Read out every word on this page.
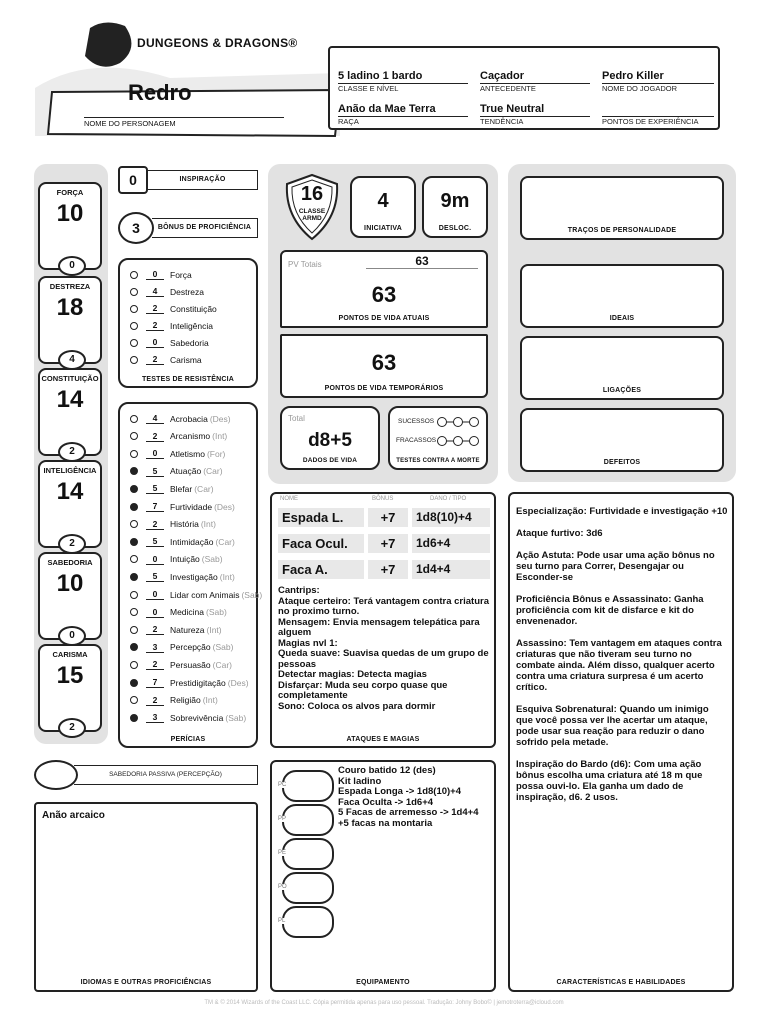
DUNGEONS & DRAGONS®
Redro
NOME DO PERSONAGEM
5 ladino 1 bardo
CLASSE E NÍVEL
Caçador
ANTECEDENTE
Pedro Killer
NOME DO JOGADOR
Anão da Mae Terra
RAÇA
True Neutral
TENDÊNCIA	PONTOS DE EXPERIÊNCIA
FORÇA
10
0
DESTREZA
18
4
CONSTITUIÇÃO
14
2
INTELIGÊNCIA
14
2
SABEDORIA
10
0
CARISMA
15
2
0	INSPIRAÇÃO
3	BÔNUS DE PROFICIÊNCIA
0	Força
4	Destreza
2	Constituição
2	Inteligência
0	Sabedoria
2	Carisma
TESTES DE RESISTÊNCIA
4	Acrobacia (Des)
2	Arcanismo (Int)
0	Atletismo (For)
5	Atuação (Car)
5	Blefar (Car)
7	Furtividade (Des)
2	História (Int)
5	Intimidação (Car)
0	Intuição (Sab)
5	Investigação (Int)
0	Lidar com Animais (Sab)
0	Medicina (Sab)
2	Natureza (Int)
3	Percepção (Sab)
2	Persuasão (Car)
7	Prestidigitação (Des)
2	Religião (Int)
3	Sobrevivência (Sab)
PERÍCIAS
SABEDORIA PASSIVA (PERCEPÇÃO)
Anão arcaico
IDIOMAS E OUTRAS PROFICIÊNCIAS
16
CLASSE ARMD
4
INICIATIVA
9m
DESLOC.
PV Totais	63
63
PONTOS DE VIDA ATUAIS
63
PONTOS DE VIDA TEMPORÁRIOS
Total
d8+5
DADOS DE VIDA
SUCESSOS
FRACASSOS
TESTES CONTRA A MORTE
NOME	BÔNUS	DANO / TIPO
Espada L.	+7	1d8(10)+4
Faca Ocul.	+7	1d6+4
Faca A.	+7	1d4+4
Cantrips:
Ataque certeiro: Terá vantagem contra criatura no proximo turno.
Mensagem: Envia mensagem telepática para alguem
Magias nvl 1:
Queda suave: Suavisa quedas de um grupo de pessoas
Detectar magias: Detecta magias
Disfarçar: Muda seu corpo quase que completamente
Sono: Coloca os alvos para dormir
ATAQUES E MAGIAS
Couro batido 12 (des)
Kit ladino
Espada Longa -> 1d8(10)+4
Faca Oculta -> 1d6+4
5 Facas de arremesso -> 1d4+4
+5 facas na montaria
EQUIPAMENTO
PC
PP
PE
PO
PL
TRAÇOS DE PERSONALIDADE
IDEAIS
LIGAÇÕES
DEFEITOS
Especialização: Furtividade e investigação +10

Ataque furtivo: 3d6

Ação Astuta: Pode usar uma ação bônus no seu turno para Correr, Desengajar ou Esconder-se

Proficiência Bônus e Assassinato: Ganha proficiência com kit de disfarce e kit do envenenador.

Assassino: Tem vantagem em ataques contra
criaturas que não tiveram seu turno no combate ainda. Além disso, qualquer acerto contra uma criatura surpresa é um acerto crítico.

Esquiva Sobrenatural: Quando um inimigo que você possa ver lhe acertar um ataque, pode usar sua reação para reduzir o dano sofrido pela metade.

Inspiração do Bardo (d6): Com uma ação bônus escolha uma criatura até 18 m que possa ouvi-lo. Ela ganha um dado de inspiração, d6. 2 usos.
CARACTERÍSTICAS E HABILIDADES
TM & © 2014 Wizards of the Coast LLC. Cópia permitida apenas para uso pessoal. Tradução: Johny Bobo© | jemotroterra@icloud.com
